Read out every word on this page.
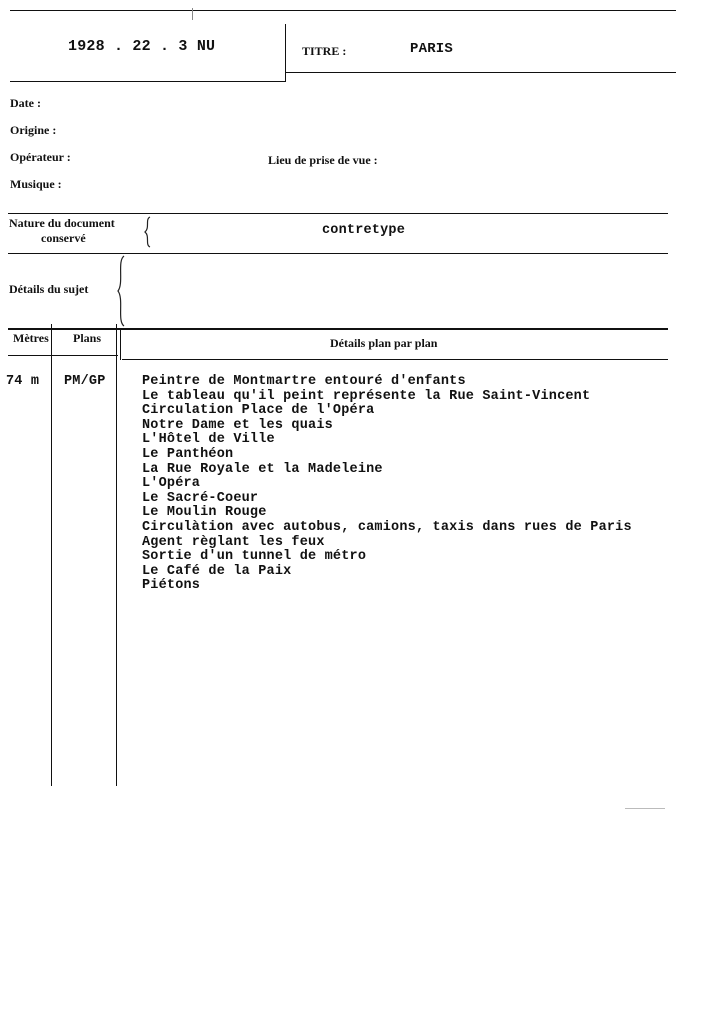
1928 . 22 . 3 NU	TITRE :	PARIS
Date :
Origine :
Opérateur :	Lieu de prise de vue :
Musique :
Nature du document
conservé	contretype
Détails du sujet
Mètres Plans	Détails plan par plan
74 m PM/GP	Peintre de Montmartre entouré d'enfants
Le tableau qu'il peint représente la Rue Saint-Vincent
Circulation Place de l'Opéra
Notre Dame et les quais
L'Hôtel de Ville
Le Panthéon
La Rue Royale et la Madeleine
L'Opéra
Le Sacré-Coeur
Le Moulin Rouge
Circulàtion avec autobus, camions, taxis dans rues de Paris
Agent règlant les feux
Sortie d'un tunnel de métro
Le Café de la Paix
Piétons
